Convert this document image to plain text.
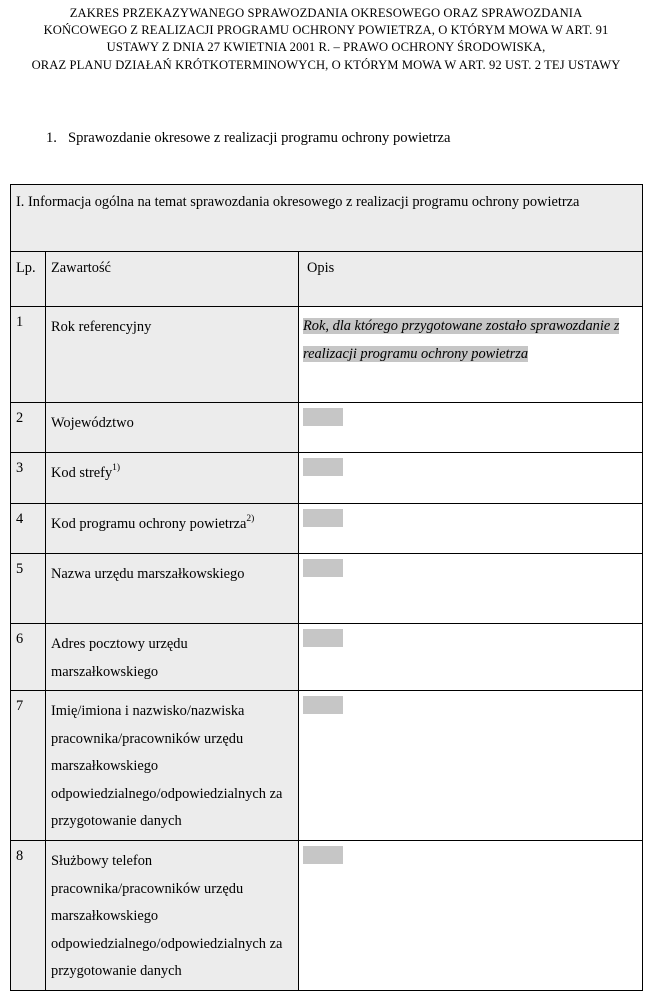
ZAKRES PRZEKAZYWANEGO SPRAWOZDANIA OKRESOWEGO ORAZ SPRAWOZDANIA
KOŃCOWEGO Z REALIZACJI PROGRAMU OCHRONY POWIETRZA, O KTÓRYM MOWA W ART. 91
USTAWY Z DNIA 27 KWIETNIA 2001 R. – PRAWO OCHRONY ŚRODOWISKA,
ORAZ PLANU DZIAŁAŃ KRÓTKOTERMINOWYCH, O KTÓRYM MOWA W ART. 92 UST. 2 TEJ USTAWY
1. Sprawozdanie okresowe z realizacji programu ochrony powietrza
I. Informacja ogólna na temat sprawozdania okresowego z realizacji programu ochrony powietrza		
Lp.	Zawartość	Opis
1	Rok referencyjny	Rok, dla którego przygotowane zostało sprawozdanie z realizacji programu ochrony powietrza

2	Województwo	
3	Kod strefy$^{1)}$	
4	Kod programu ochrony powietrza$^{2)}$	
5	Nazwa urzędu marszałkowskiego	
6	Adres pocztowy urzędu marszałkowskiego	
7	Imię/imiona i nazwisko/nazwiska pracownika/pracowników urzędu marszałkowskiego odpowiedzialnego/odpowiedzialnych za przygotowanie danych	
8	Służbowy telefon pracownika/pracowników urzędu marszałkowskiego odpowiedzialnego/odpowiedzialnych za przygotowanie danych	
